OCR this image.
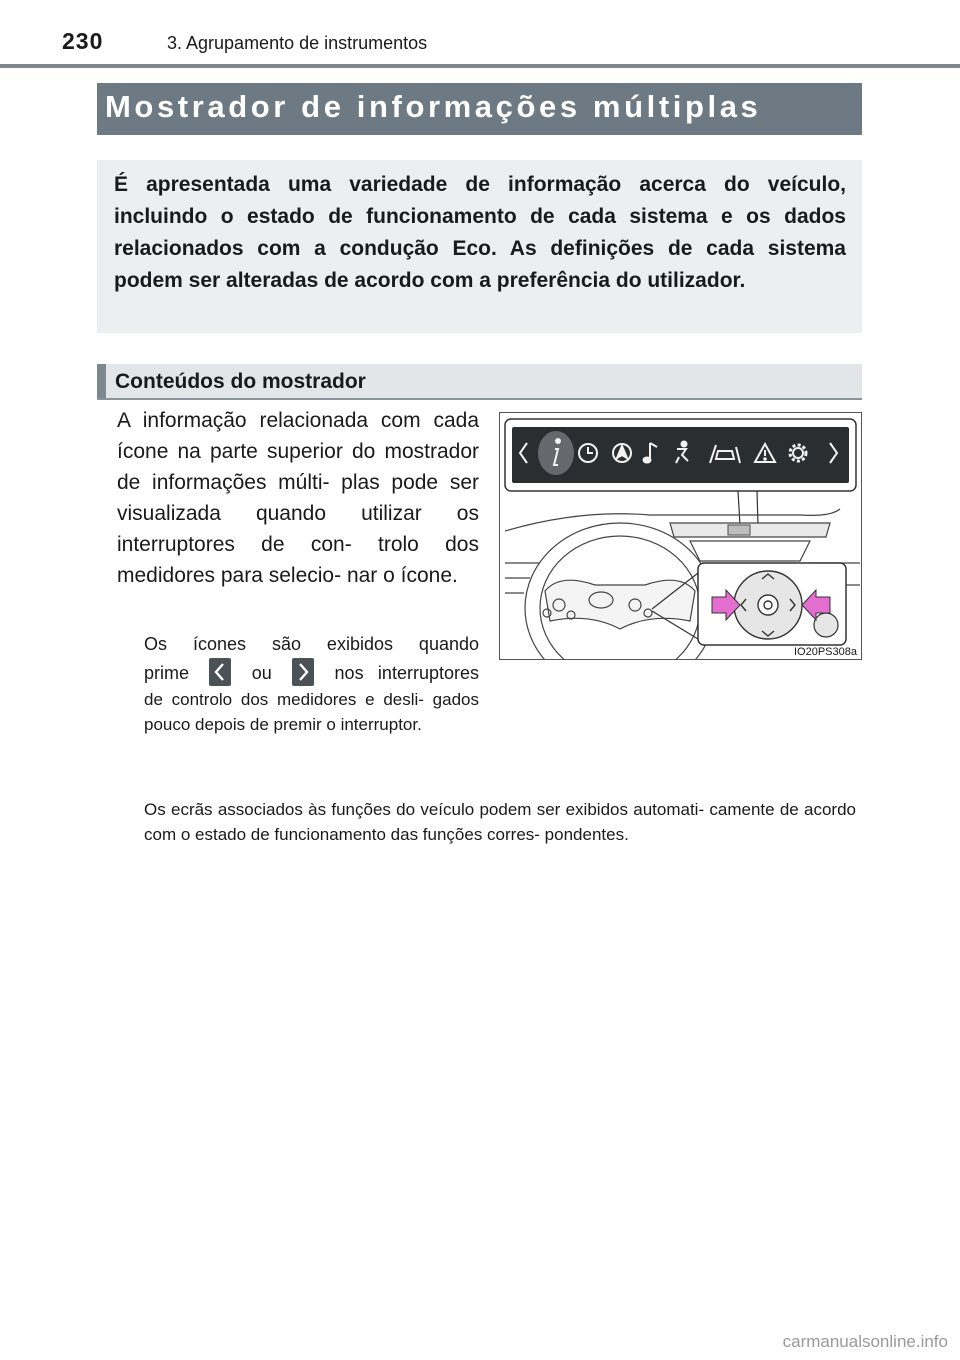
230	3. Agrupamento de instrumentos
Mostrador de informações múltiplas

É apresentada uma variedade de informação acerca do veículo, incluindo o estado de funcionamento de cada sistema e os dados relacionados com a condução Eco. As definições de cada sistema podem ser alteradas de acordo com a preferência do utilizador.

Conteúdos do mostrador

A informação relacionada com cada ícone na parte superior do mostrador de informações múlti- plas pode ser visualizada quando utilizar os interruptores de con- trolo dos medidores para selecio- nar o ícone.

Os ícones são exibidos quando
prime	ou	nos interruptores
de controlo dos medidores e desli- gados pouco depois de premir o interruptor.

Os ecrãs associados às funções do veículo podem ser exibidos automati- camente de acordo com o estado de funcionamento das funções corres- pondentes.

IO20PS308a
carmanualsonline.info
